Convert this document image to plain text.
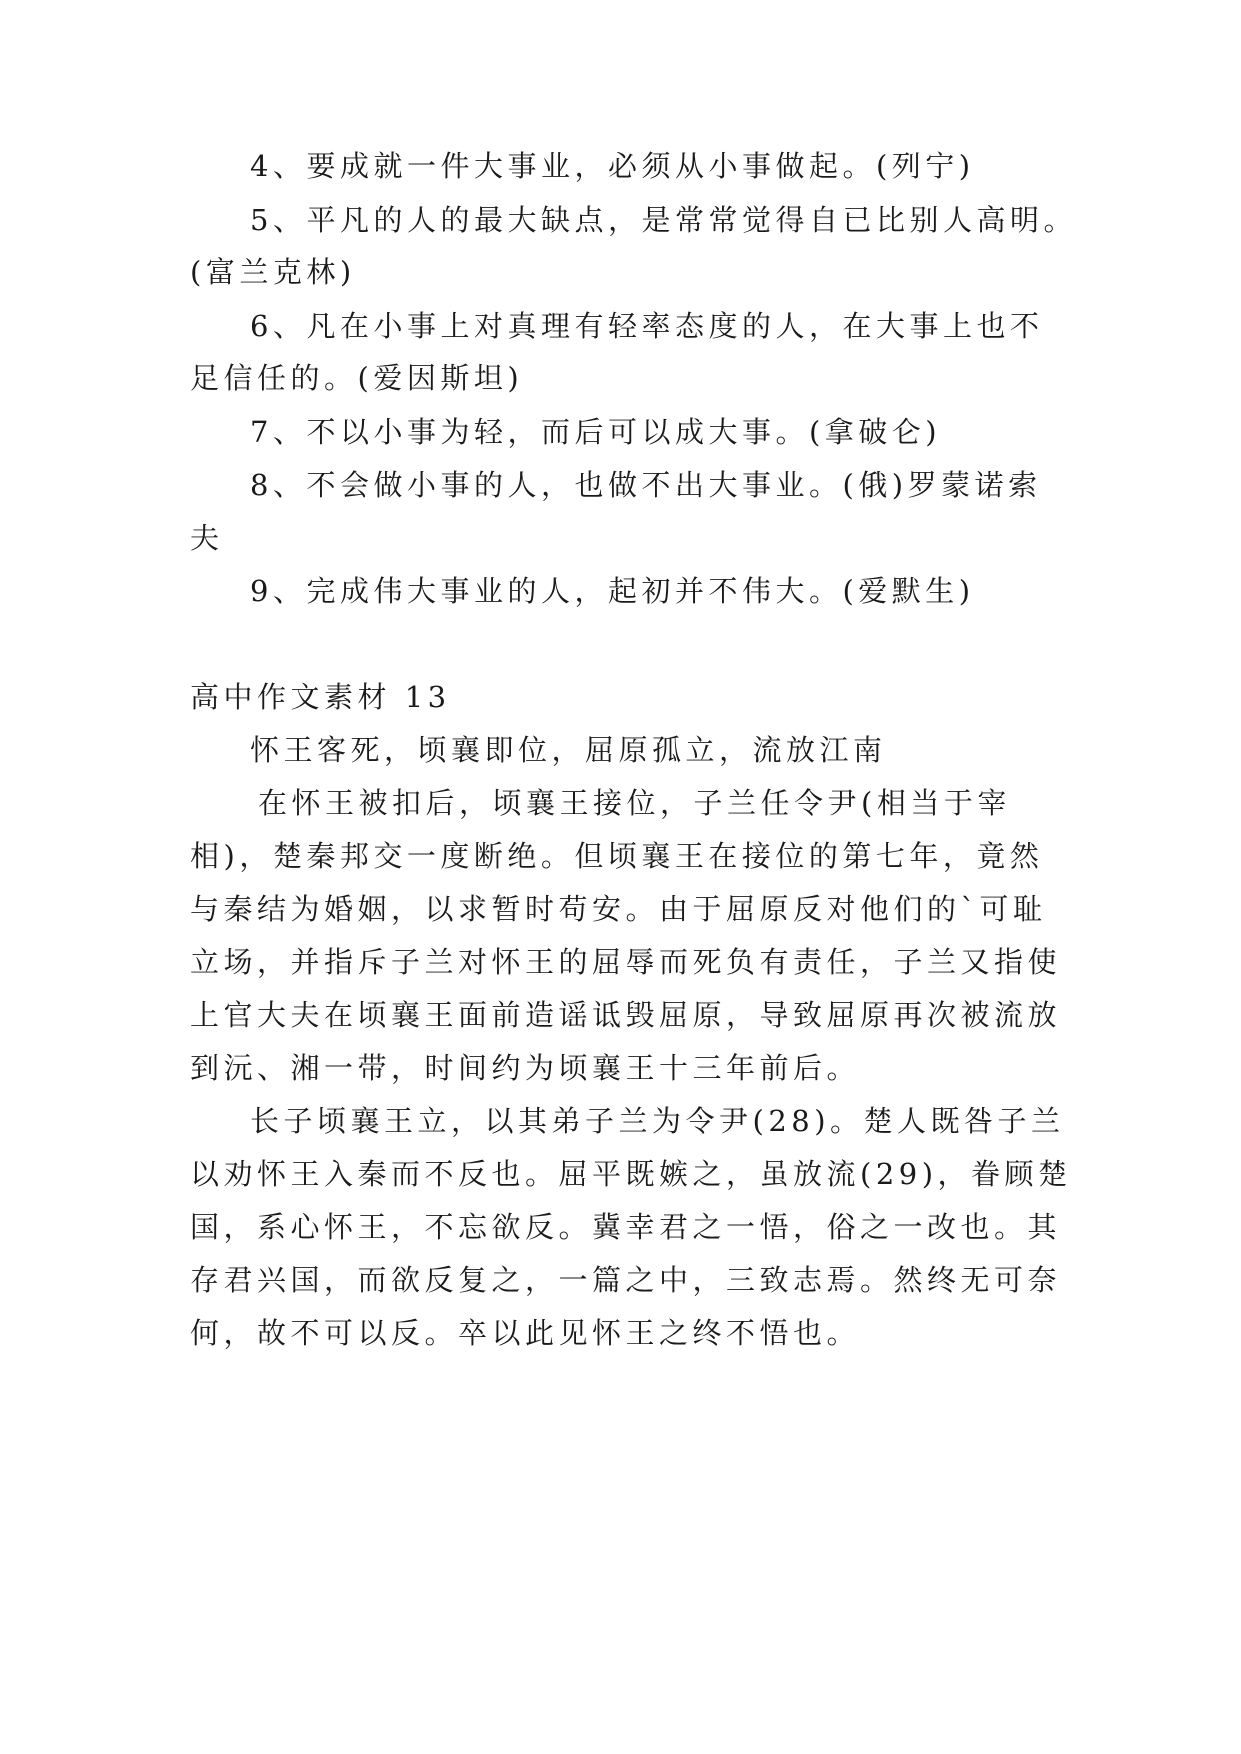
4、要成就一件大事业，必须从小事做起。(列宁)
5、平凡的人的最大缺点，是常常觉得自已比别人高明。
(富兰克林)
6、凡在小事上对真理有轻率态度的人，在大事上也不
足信任的。(爱因斯坦)
7、不以小事为轻，而后可以成大事。(拿破仑)
8、不会做小事的人，也做不出大事业。(俄)罗蒙诺索
夫
9、完成伟大事业的人，起初并不伟大。(爱默生)
高中作文素材 13
怀王客死，顷襄即位，屈原孤立，流放江南
在怀王被扣后，顷襄王接位，子兰任令尹(相当于宰
相)，楚秦邦交一度断绝。但顷襄王在接位的第七年，竟然
与秦结为婚姻，以求暂时苟安。由于屈原反对他们的`可耻
立场，并指斥子兰对怀王的屈辱而死负有责任，子兰又指使
上官大夫在顷襄王面前造谣诋毁屈原，导致屈原再次被流放
到沅、湘一带，时间约为顷襄王十三年前后。
长子顷襄王立，以其弟子兰为令尹(28)。楚人既咎子兰
以劝怀王入秦而不反也。屈平既嫉之，虽放流(29)，眷顾楚
国，系心怀王，不忘欲反。冀幸君之一悟，俗之一改也。其
存君兴国，而欲反复之，一篇之中，三致志焉。然终无可奈
何，故不可以反。卒以此见怀王之终不悟也。
